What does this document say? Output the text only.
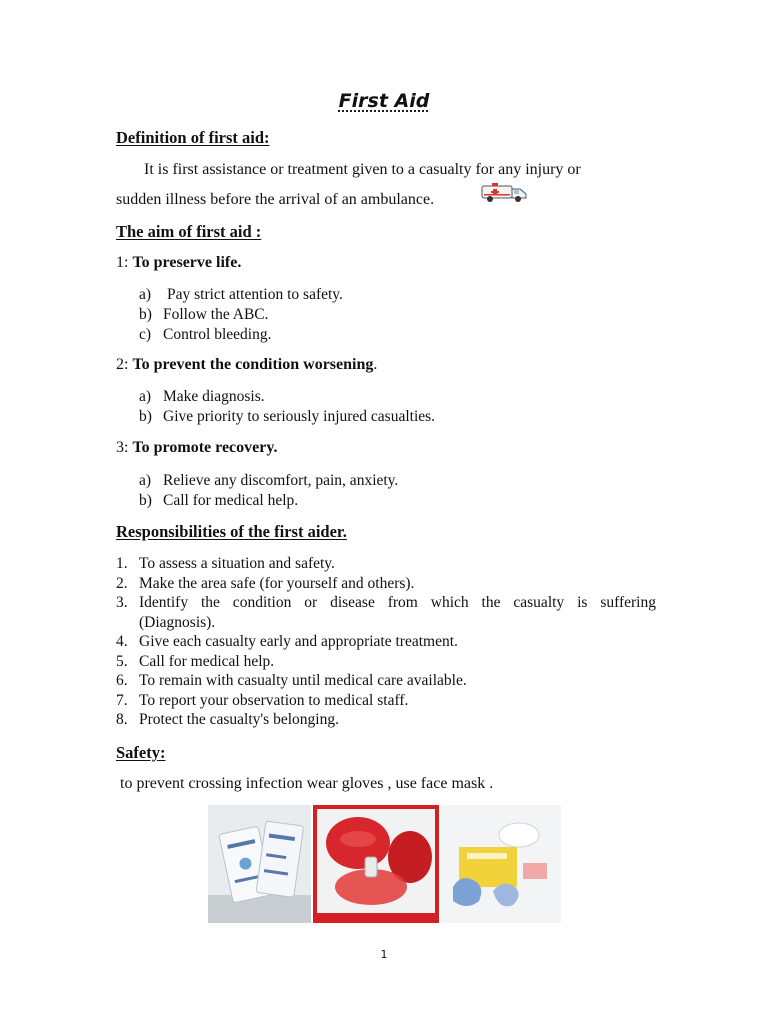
First Aid
Definition of first aid:
It is first assistance or treatment given to a casualty for any injury or
sudden illness before the arrival of an ambulance.
The aim of first aid :
1: To preserve life.
a) Pay strict attention to safety.
b) Follow the ABC.
c) Control bleeding.
2: To prevent the condition worsening.
a) Make diagnosis.
b) Give priority to seriously injured casualties.
3: To promote recovery.
a) Relieve any discomfort, pain, anxiety.
b) Call for medical help.
Responsibilities of the first aider.
1. To assess a situation and safety.
2. Make the area safe (for yourself and others).
3. Identify the condition or disease from which the casualty is suffering
(Diagnosis).
4. Give each casualty early and appropriate treatment.
5. Call for medical help.
6. To remain with casualty until medical care available.
7. To report your observation to medical staff.
8. Protect the casualty's belonging.
Safety:
to prevent crossing infection wear gloves , use face mask .
1
